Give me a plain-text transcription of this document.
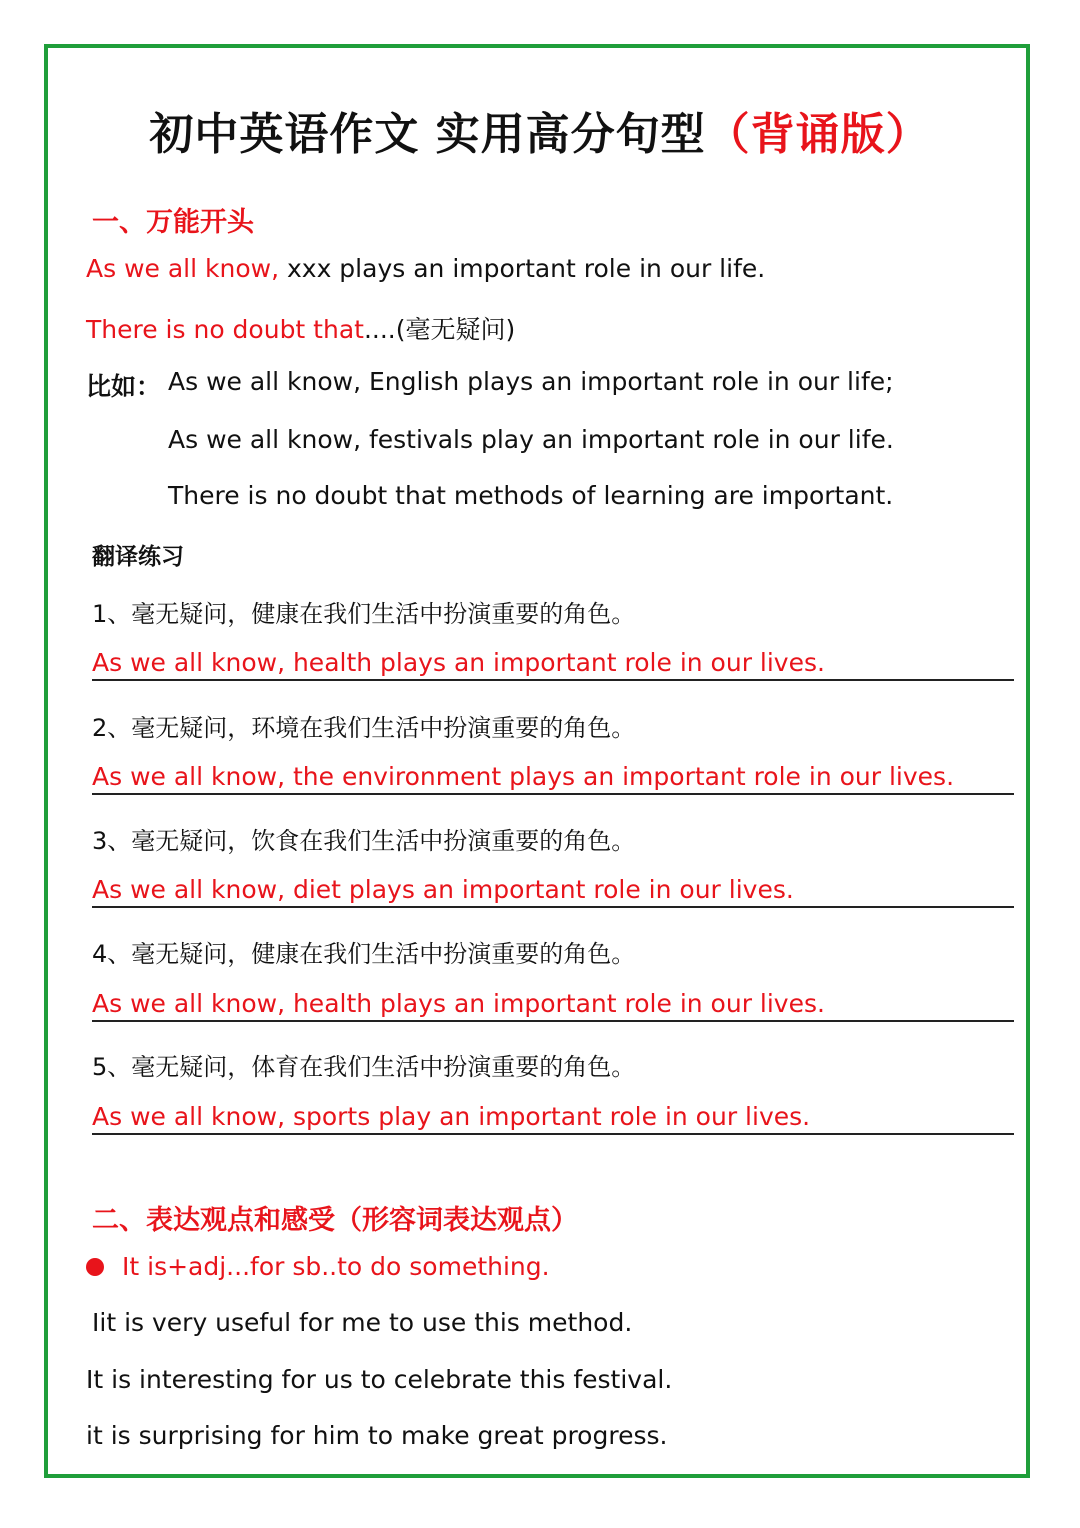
初中英语作文 实用高分句型（背诵版）
一、万能开头
As we all know, xxx plays an important role in our life.
There is no doubt that....(毫无疑问)
比如： As we all know, English plays an important role in our life;
As we all know, festivals play an important role in our life.
There is no doubt that methods of learning are important.
翻译练习
1、毫无疑问，健康在我们生活中扮演重要的角色。
As we all know, health plays an important role in our lives.
2、毫无疑问，环境在我们生活中扮演重要的角色。
As we all know, the environment plays an important role in our lives.
3、毫无疑问，饮食在我们生活中扮演重要的角色。
As we all know, diet plays an important role in our lives.
4、毫无疑问，健康在我们生活中扮演重要的角色。
As we all know, health plays an important role in our lives.
5、毫无疑问，体育在我们生活中扮演重要的角色。
As we all know, sports play an important role in our lives.
二、表达观点和感受（形容词表达观点）
It is+adj...for sb..to do something.
Iit is very useful for me to use this method.
It is interesting for us to celebrate this festival.
it is surprising for him to make great progress.
